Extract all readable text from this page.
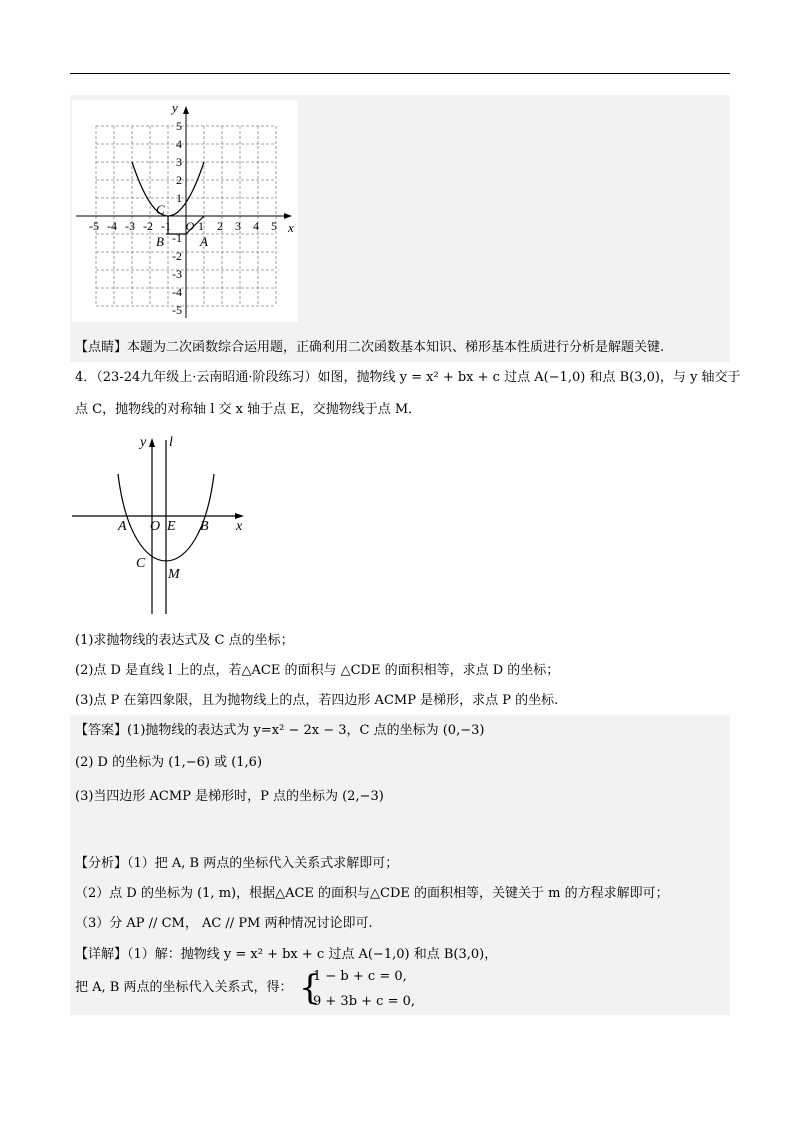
-5 -4 -3 -2 -1 O 1 2 3 4 5
5
4
3
2
1
-1
-2
-3
-4
-5
x
y
C
B	A
【点睛】本题为二次函数综合运用题，正确利用二次函数基本知识、梯形基本性质进行分析是解题关键.
4．（23-24九年级上·云南昭通·阶段练习）如图，抛物线 y = x² + bx + c 过点 A(−1,0) 和点 B(3,0)，与 y 轴交于
点 C，抛物线的对称轴 l 交 x 轴于点 E，交抛物线于点 M．
y l
A O E B x
C
M
(1)求抛物线的表达式及 C 点的坐标；
(2)点 D 是直线 l 上的点，若△ACE 的面积与 △CDE 的面积相等，求点 D 的坐标；
(3)点 P 在第四象限，且为抛物线上的点，若四边形 ACMP 是梯形，求点 P 的坐标.
【答案】(1)抛物线的表达式为 y=x² − 2x − 3，C 点的坐标为 (0,−3)
(2) D 的坐标为 (1,−6) 或 (1,6)
(3)当四边形 ACMP 是梯形时，P 点的坐标为 (2,−3)
【分析】（1）把 A, B 两点的坐标代入关系式求解即可；
（2）点 D 的坐标为 (1, m)，根据△ACE 的面积与△CDE 的面积相等，关键关于 m 的方程求解即可；
（3）分 AP // CM， AC // PM 两种情况讨论即可.
【详解】（1）解：抛物线 y = x² + bx + c 过点 A(−1,0) 和点 B(3,0)，
把 A, B 两点的坐标代入关系式，得： {
1 − b + c = 0,
9 + 3b + c = 0,
